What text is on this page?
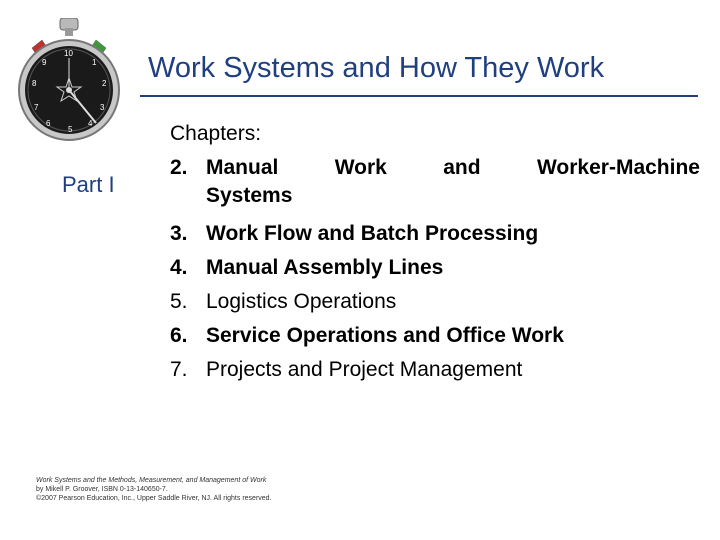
1
2
3
4
5
6
7
8
9
10	Work Systems and How They Work
Part I
Chapters:
2. Manual	Work	and	Worker-Machine
Systems
3. Work Flow and Batch Processing
4. Manual Assembly Lines
5. Logistics Operations
6. Service Operations and Office Work
7. Projects and Project Management
Work Systems and the Methods, Measurement, and Management of Work
by Mikell P. Groover, ISBN 0-13-140650-7.
©2007 Pearson Education, Inc., Upper Saddle River, NJ. All rights reserved.
